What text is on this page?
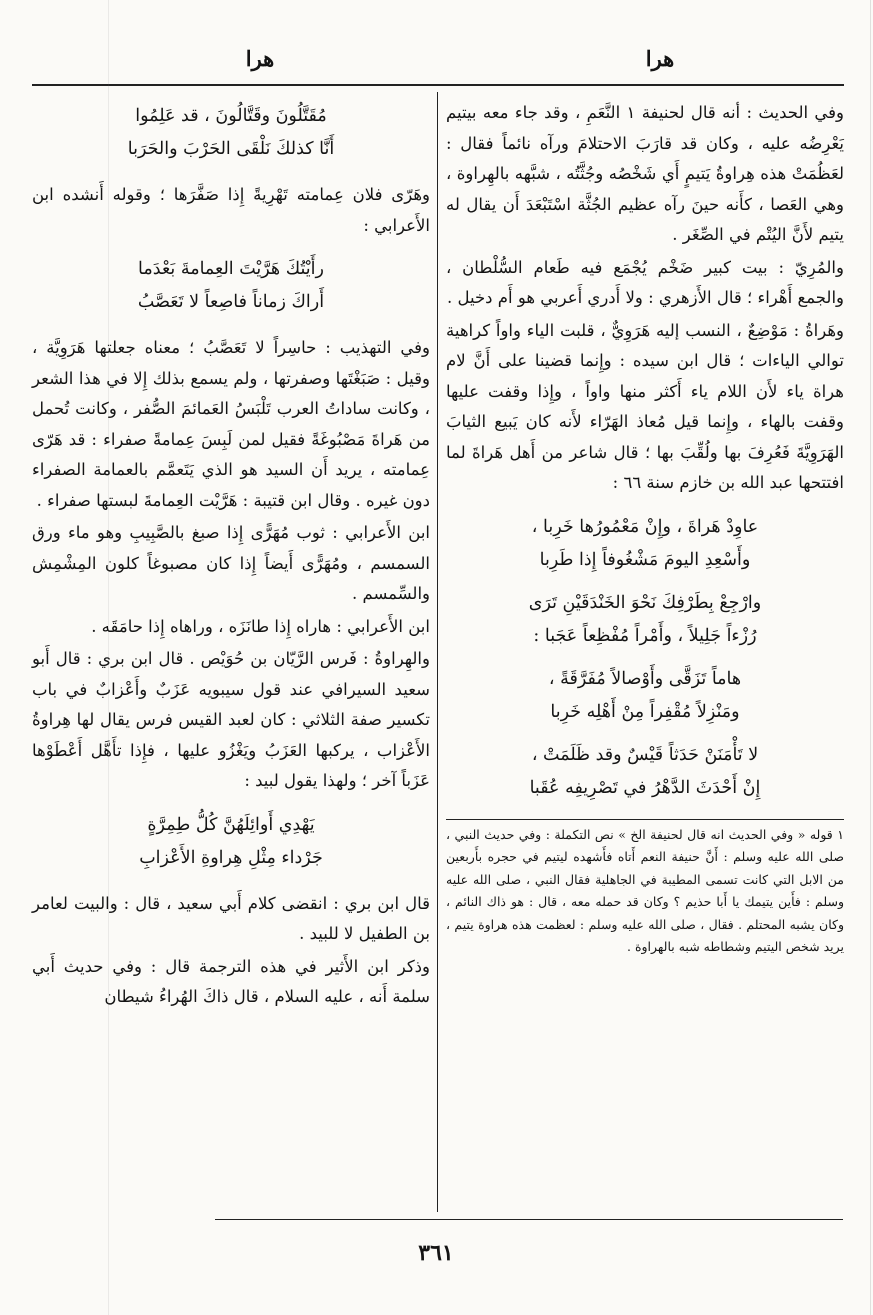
هرا
هرا

وفي الحديث : أنه قال لحنيفة ١ النَّعَمِ ، وقد جاء معه بيتيم يَعْرِضُه عليه ، وكان قد قارَبَ الاحتلامَ ورآه نائماً فقال : لعَظُمَتْ هذه هِراوةُ يَتيمٍ أَي شَخْصُه وجُثَّتُه ، شبَّهه بالهِراوة ، وهي العَصا ، كأَنه حينَ رآه عظيم الجُثَّة اسْتَبْعَدَ أَن يقال له يتيم لأَنَّ اليُتْم في الصِّغَر .

والمُرِيّ : بيت كبير ضَخْم يُجْمَع فيه طَعام السُّلْطان ، والجمع أَهْراء ؛ قال الأَزهري : ولا أَدري أَعربي هو أَم دخيل .

وهَراةُ : مَوْضِعٌ ، النسب إليه هَرَوِيٌّ ، قلبت الياء واواً كراهية توالي الياءات ؛ قال ابن سيده : وإِنما قضينا على أَنَّ لام هراة ياء لأَن اللام ياء أَكثر منها واواً ، وإِذا وقفت عليها وقفت بالهاء ، وإِنما قيل مُعاذ الهَرّاء لأَنه كان يَبيع الثيابَ الهَرَوِيَّةَ فَعُرِفَ بها ولُقِّبَ بها ؛ قال شاعر من أَهل هَراةَ لما افتتحها عبد الله بن خازم سنة ٦٦ :

عاوِدْ هَراةَ ، وإِنْ مَعْمُورُها خَرِبا ،
وأَسْعِدِ اليومَ مَشْغُوفاً إِذا طَرِبا
وارْجِعْ بِطَرْفِكَ نَحْوَ الخَنْدَقَيْنِ تَرَى
رُزْءاً جَلِيلاً ، وأَمْراً مُفْظِعاً عَجَبا :
هاماً تَزَقَّى وأَوْصالاً مُفَرَّقَةً ،
ومَنْزِلاً مُقْفِراً مِنْ أَهْلِه خَرِبا
لا تَأْمَنَنْ حَدَثاً قَيْسٌ وقد ظَلَمَتْ ،
إِنْ أَحْدَثَ الدَّهْرُ في تَصْرِيفِه عُقَبا

١ قوله « وفي الحديث انه قال لحنيفة الخ » نص التكملة : وفي حديث النبي ، صلى الله عليه وسلم : أَنَّ حنيفة النعم أَتاه فأَشهده ليتيم في حجره بأَربعين من الابل التي كانت تسمى المطيبة في الجاهلية فقال النبي ، صلى الله عليه وسلم : فأَين يتيمك يا أَبا حذيم ؟ وكان قد حمله معه ، قال : هو ذاك النائم ، وكان يشبه المحتلم . فقال ، صلى الله عليه وسلم : لعظمت هذه هراوة يتيم ، يريد شخص اليتيم وشطاطه شبه بالهراوة .

مُقَتَّلُونَ وقَتَّالُونَ ، قد عَلِمُوا
أَنَّا كذلكَ نَلْقَى الحَرْبَ والحَرَبا

وهَرّى فلان عِمامته تَهْرِيةً إِذا صَفَّرَها ؛ وقوله أَنشده ابن الأَعرابي :

رأَيْتُكَ هَرَّيْتَ العِمامةَ بَعْدَما
أَراكَ زماناً فاصِعاً لا تَعَصَّبُ

وفي التهذيب : حاسِراً لا تَعَصَّبُ ؛ معناه جعلتها هَرَوِيَّة ، وقيل : صَبَغْتَها وصفرتها ، ولم يسمع بذلك إِلا في هذا الشعر ، وكانت ساداتُ العرب تَلْبَسُ العَمائمَ الصُّفر ، وكانت تُحمل من هَراةَ مَصْبُوغَةً فقيل لمن لَبِسَ عِمامةً صفراء : قد هَرّى عِمامته ، يريد أَن السيد هو الذي يَتَعمَّم بالعمامة الصفراء دون غيره . وقال ابن قتيبة : هَرَّيْت العِمامةَ لبستها صفراء .

ابن الأَعرابي : ثوب مُهَرًّى إِذا صبغ بالصَّبِيبِ وهو ماء ورق السمسم ، ومُهَرًّى أَيضاً إِذا كان مصبوغاً كلون المِشْمِش والسِّمسم .

ابن الأَعرابي : هاراه إِذا طانَزَه ، وراهاه إِذا حامَقَه .

والهِراوةُ : فَرس الرَّيّان بن حُوَيْص . قال ابن بري : قال أَبو سعيد السيرافي عند قول سيبويه عَزَبٌ وأَعْزابٌ في باب تكسير صفة الثلاثي : كان لعبد القيس فرس يقال لها هِراوةُ الأَعْزاب ، يركبها العَزَبُ ويَغْزُو عليها ، فإِذا تأَهَّل أَعْطَوْها عَزَباً آخر ؛ ولهذا يقول لبيد :

يَهْدِي أَوائِلَهُنَّ كُلُّ طِمِرَّةٍ
جَرْداء مِثْلِ هِراوةِ الأَعْزابِ

قال ابن بري : انقضى كلام أَبي سعيد ، قال : والبيت لعامر بن الطفيل لا للبيد .

وذكر ابن الأَثير في هذه الترجمة قال : وفي حديث أَبي سلمة أَنه ، عليه السلام ، قال ذاكَ الهُراءُ شيطان

٣٦١
